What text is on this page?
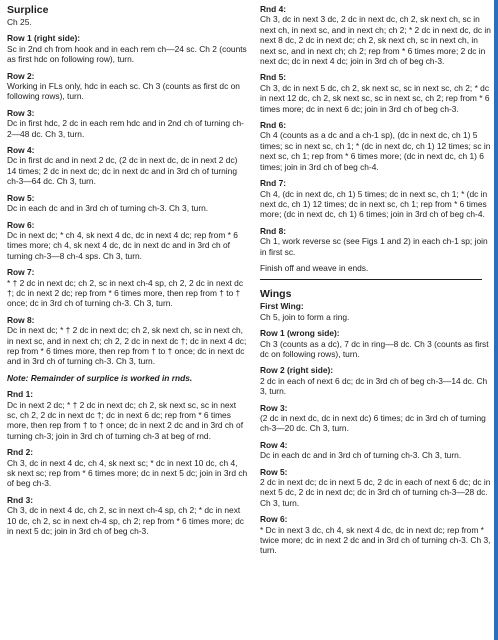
Surplice
Ch 25.
Row 1 (right side):
Sc in 2nd ch from hook and in each rem ch—24 sc. Ch 2 (counts as first hdc on following row), turn.
Row 2:
Working in FLs only, hdc in each sc. Ch 3 (counts as first dc on following rows), turn.
Row 3:
Dc in first hdc, 2 dc in each rem hdc and in 2nd ch of turning ch-2—48 dc. Ch 3, turn.
Row 4:
Dc in first dc and in next 2 dc, (2 dc in next dc, dc in next 2 dc) 14 times; 2 dc in next dc; dc in next dc and in 3rd ch of turning ch-3—64 dc. Ch 3, turn.
Row 5:
Dc in each dc and in 3rd ch of turning ch-3. Ch 3, turn.
Row 6:
Dc in next dc; * ch 4, sk next 4 dc, dc in next 4 dc; rep from * 6 times more; ch 4, sk next 4 dc, dc in next dc and in 3rd ch of turning ch-3—8 ch-4 sps. Ch 3, turn.
Row 7:
* † 2 dc in next dc; ch 2, sc in next ch-4 sp, ch 2, 2 dc in next dc †; dc in next 2 dc; rep from * 6 times more, then rep from † to † once; dc in 3rd ch of turning ch-3. Ch 3, turn.
Row 8:
Dc in next dc; * † 2 dc in next dc; ch 2, sk next ch, sc in next ch, in next sc, and in next ch; ch 2, 2 dc in next dc †; dc in next 4 dc; rep from * 6 times more, then rep from † to † once; dc in next dc and in 3rd ch of turning ch-3. Ch 3, turn.
Note: Remainder of surplice is worked in rnds.
Rnd 1:
Dc in next 2 dc; * † 2 dc in next dc; ch 2, sk next sc, sc in next sc, ch 2, 2 dc in next dc †; dc in next 6 dc; rep from * 6 times more, then rep from † to † once; dc in next 2 dc and in 3rd ch of turning ch-3; join in 3rd ch of turning ch-3 at beg of rnd.
Rnd 2:
Ch 3, dc in next 4 dc, ch 4, sk next sc; * dc in next 10 dc, ch 4, sk next sc; rep from * 6 times more; dc in next 5 dc; join in 3rd ch of beg ch-3.
Rnd 3:
Ch 3, dc in next 4 dc, ch 2, sc in next ch-4 sp, ch 2; * dc in next 10 dc, ch 2, sc in next ch-4 sp, ch 2; rep from * 6 times more; dc in next 5 dc; join in 3rd ch of beg ch-3.
Rnd 4:
Ch 3, dc in next 3 dc, 2 dc in next dc, ch 2, sk next ch, sc in next ch, in next sc, and in next ch; ch 2; * 2 dc in next dc, dc in next 8 dc, 2 dc in next dc; ch 2, sk next ch, sc in next ch, in next sc, and in next ch; ch 2; rep from * 6 times more; 2 dc in next dc; dc in next 4 dc; join in 3rd ch of beg ch-3.
Rnd 5:
Ch 3, dc in next 5 dc, ch 2, sk next sc, sc in next sc, ch 2; * dc in next 12 dc, ch 2, sk next sc, sc in next sc, ch 2; rep from * 6 times more; dc in next 6 dc; join in 3rd ch of beg ch-3.
Rnd 6:
Ch 4 (counts as a dc and a ch-1 sp), (dc in next dc, ch 1) 5 times; sc in next sc, ch 1; * (dc in next dc, ch 1) 12 times; sc in next sc, ch 1; rep from * 6 times more; (dc in next dc, ch 1) 6 times; join in 3rd ch of beg ch-4.
Rnd 7:
Ch 4, (dc in next dc, ch 1) 5 times; dc in next sc, ch 1; * (dc in next dc, ch 1) 12 times; dc in next sc, ch 1; rep from * 6 times more; (dc in next dc, ch 1) 6 times; join in 3rd ch of beg ch-4.
Rnd 8:
Ch 1, work reverse sc (see Figs 1 and 2) in each ch-1 sp; join in first sc.
Finish off and weave in ends.
Wings
First Wing:
Ch 5, join to form a ring.
Row 1 (wrong side):
Ch 3 (counts as a dc), 7 dc in ring—8 dc. Ch 3 (counts as first dc on following rows), turn.
Row 2 (right side):
2 dc in each of next 6 dc; dc in 3rd ch of beg ch-3—14 dc. Ch 3, turn.
Row 3:
(2 dc in next dc, dc in next dc) 6 times; dc in 3rd ch of turning ch-3—20 dc. Ch 3, turn.
Row 4:
Dc in each dc and in 3rd ch of turning ch-3. Ch 3, turn.
Row 5:
2 dc in next dc; dc in next 5 dc, 2 dc in each of next 6 dc; dc in next 5 dc, 2 dc in next dc; dc in 3rd ch of turning ch-3—28 dc. Ch 3, turn.
Row 6:
* Dc in next 3 dc, ch 4, sk next 4 dc, dc in next dc; rep from * twice more; dc in next 2 dc and in 3rd ch of turning ch-3. Ch 3, turn.
